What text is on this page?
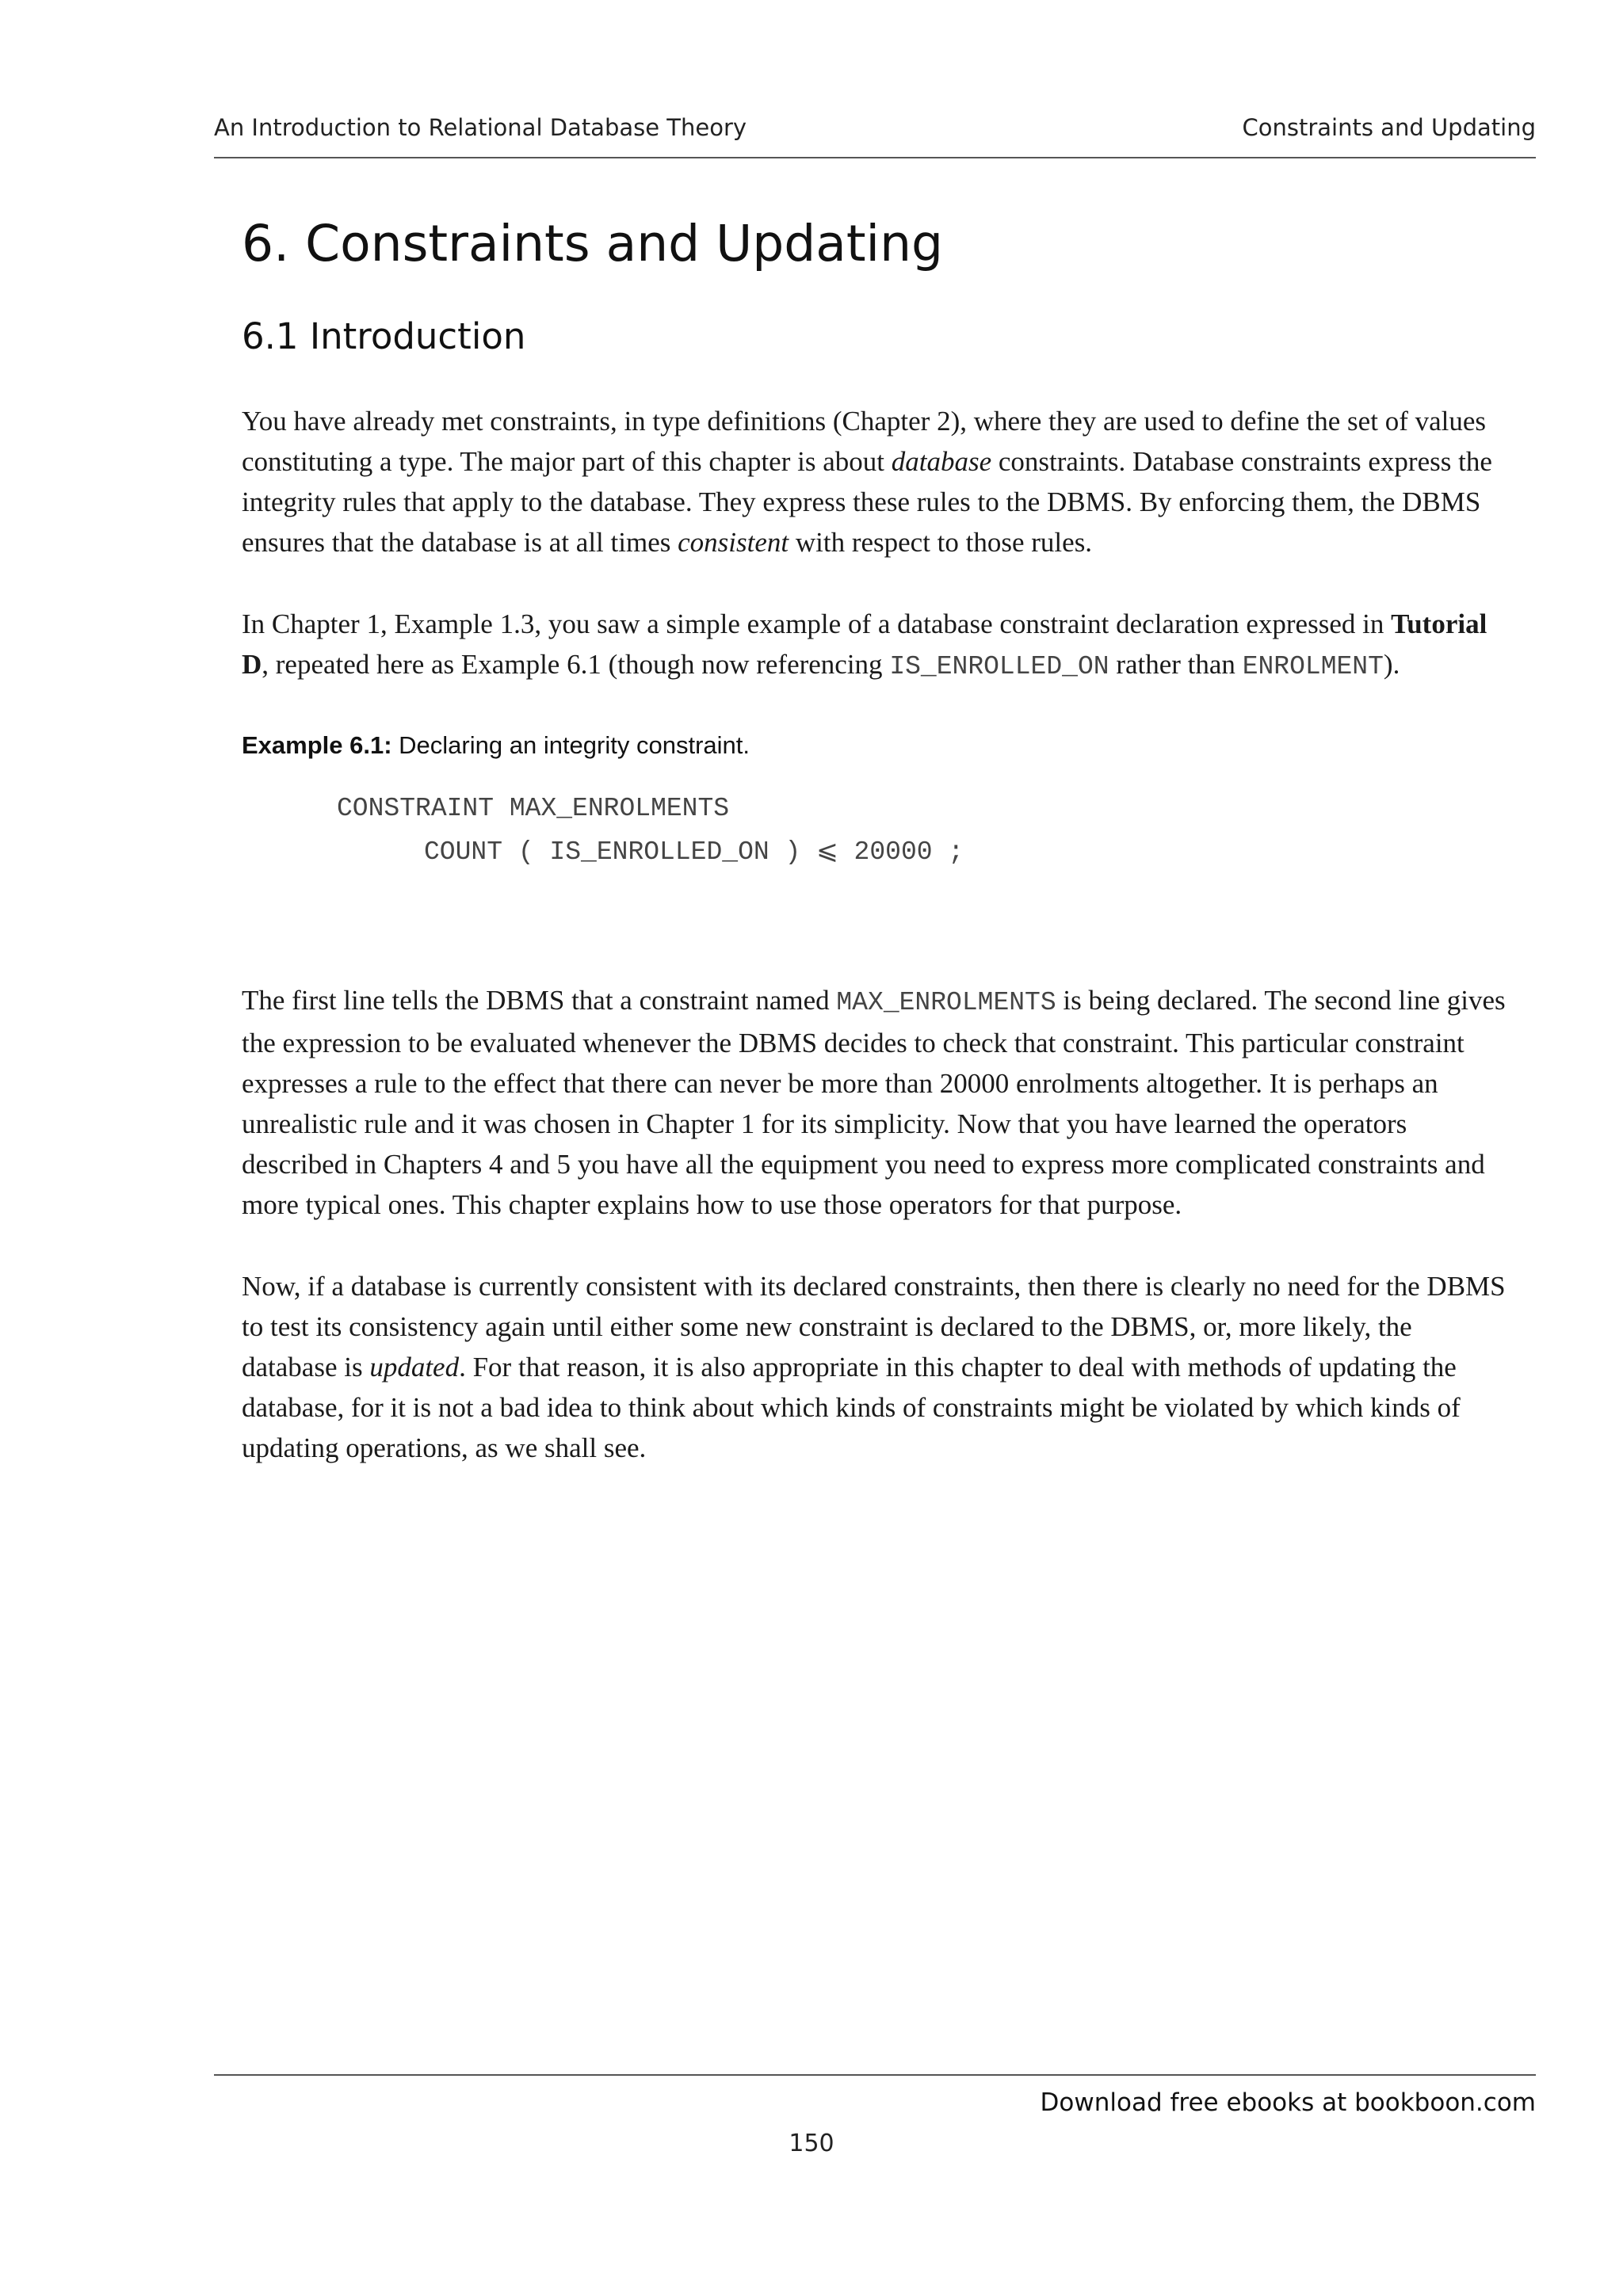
An Introduction to Relational Database Theory	Constraints and Updating
6. Constraints and Updating
6.1 Introduction

You have already met constraints, in type definitions (Chapter 2), where they are used to define the set of values constituting a type. The major part of this chapter is about database constraints. Database constraints express the integrity rules that apply to the database. They express these rules to the DBMS. By enforcing them, the DBMS ensures that the database is at all times consistent with respect to those rules.

In Chapter 1, Example 1.3, you saw a simple example of a database constraint declaration expressed in Tutorial D, repeated here as Example 6.1 (though now referencing IS_ENROLLED_ON rather than ENROLMENT).

Example 6.1: Declaring an integrity constraint.

CONSTRAINT MAX_ENROLMENTS
COUNT ( IS_ENROLLED_ON ) ⩽ 20000 ;

The first line tells the DBMS that a constraint named MAX_ENROLMENTS is being declared. The second line gives the expression to be evaluated whenever the DBMS decides to check that constraint. This particular constraint expresses a rule to the effect that there can never be more than 20000 enrolments altogether. It is perhaps an unrealistic rule and it was chosen in Chapter 1 for its simplicity. Now that you have learned the operators described in Chapters 4 and 5 you have all the equipment you need to express more complicated constraints and more typical ones. This chapter explains how to use those operators for that purpose.

Now, if a database is currently consistent with its declared constraints, then there is clearly no need for the DBMS to test its consistency again until either some new constraint is declared to the DBMS, or, more likely, the database is updated. For that reason, it is also appropriate in this chapter to deal with methods of updating the database, for it is not a bad idea to think about which kinds of constraints might be violated by which kinds of updating operations, as we shall see.

Download free ebooks at bookboon.com
150
